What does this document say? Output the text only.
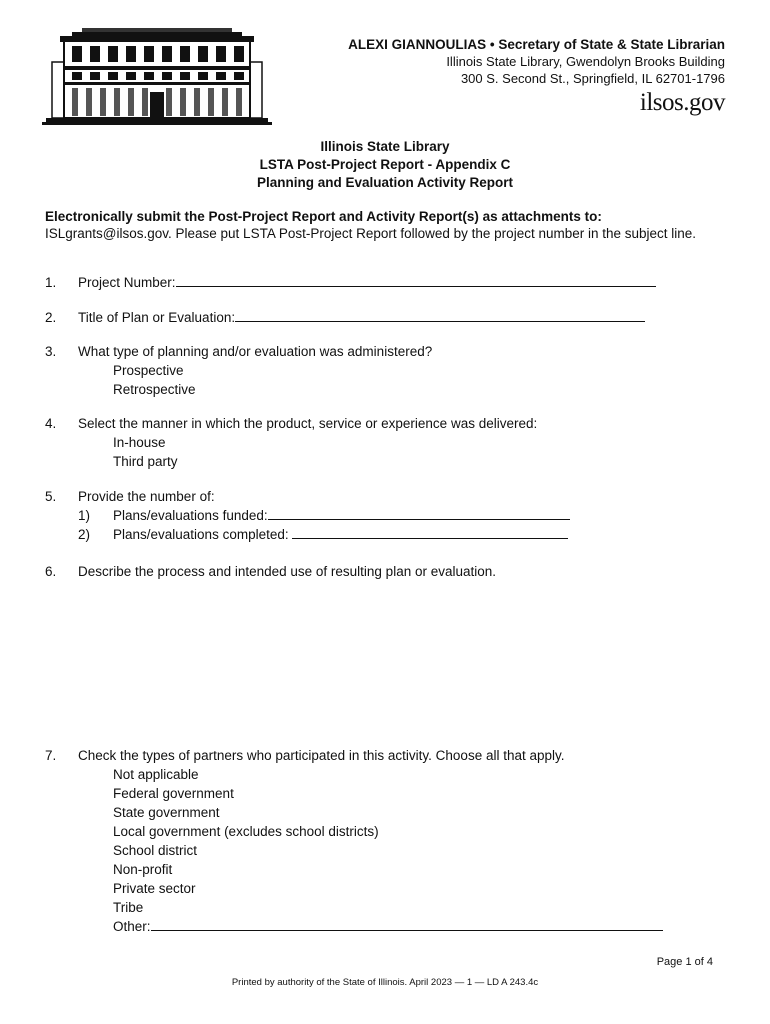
ALEXI GIANNOULIAS • Secretary of State & State Librarian
Illinois State Library, Gwendolyn Brooks Building
300 S. Second St., Springfield, IL 62701-1796
ilsos.gov
Illinois State Library
LSTA Post-Project Report - Appendix C
Planning and Evaluation Activity Report
Electronically submit the Post-Project Report and Activity Report(s) as attachments to:
ISLgrants@ilsos.gov. Please put LSTA Post-Project Report followed by the project number in the subject line.
1. Project Number:
2. Title of Plan or Evaluation:
3. What type of planning and/or evaluation was administered?
Prospective
Retrospective
4. Select the manner in which the product, service or experience was delivered:
In-house
Third party
5. Provide the number of:
1) Plans/evaluations funded:
2) Plans/evaluations completed:
6. Describe the process and intended use of resulting plan or evaluation.
7. Check the types of partners who participated in this activity. Choose all that apply.
Not applicable
Federal government
State government
Local government (excludes school districts)
School district
Non-profit
Private sector
Tribe
Other:
Page 1 of 4
Printed by authority of the State of Illinois. April 2023 — 1 — LD A 243.4c
